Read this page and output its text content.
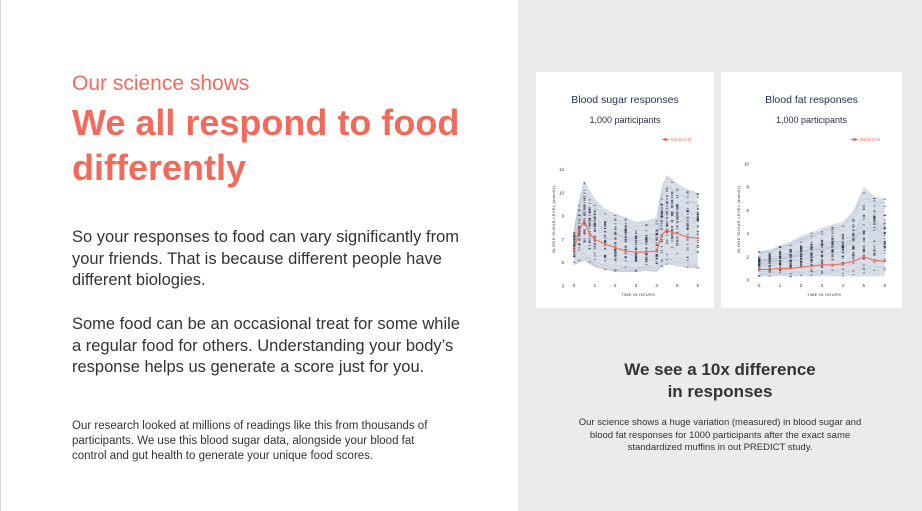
Our science shows
We all respond to food differently

So your responses to food can vary significantly from your friends. That is because different people have different biologies.

Some food can be an occasional treat for some while a regular food for others. Understanding your body’s response helps us generate a score just for you.

Our research looked at millions of readings like this from thousands of participants. We use this blood sugar data, alongside your blood fat control and gut health to generate your unique food scores.

3
5
7
9
10
12
0	1	2	3	4	5	6
TIME IN HOURS
BLOOD SUGAR LEVEL (mmol/L)
Blood sugar responses
1,000 participants
MEDIAN
0
2
4
6
8
10
0	1	2	3	4	5	6
TIME IN HOURS
BLOOD SUGAR LEVEL (mmol/L)
Blood fat responses
1,000 participants
MEDIAN
We see a 10x difference
in responses

Our science shows a huge variation (measured) in blood sugar and blood fat responses for 1000 participants after the exact same standardized muffins in out PREDICT study.
